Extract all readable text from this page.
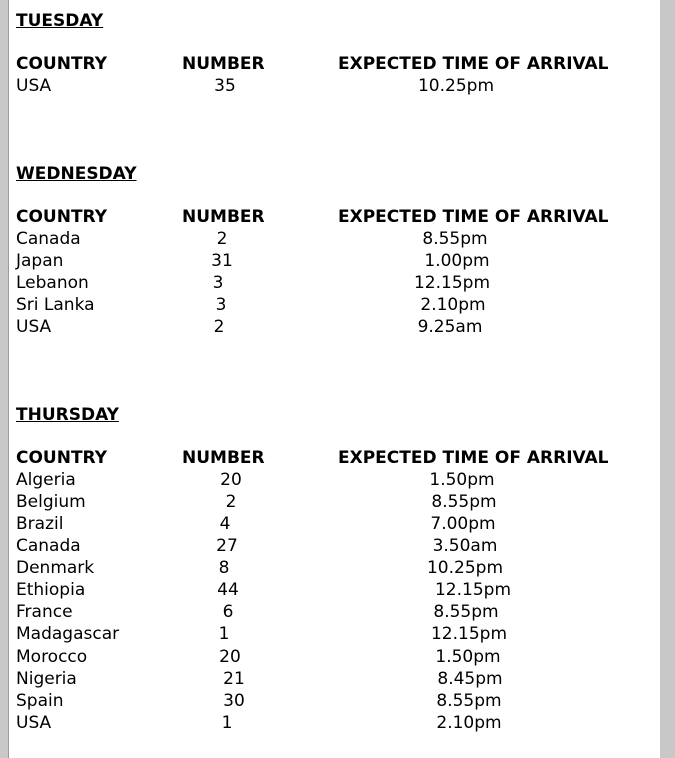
TUESDAY
COUNTRY	NUMBER	EXPECTED TIME OF ARRIVAL
USA	35	10.25pm
WEDNESDAY
COUNTRY	NUMBER	EXPECTED TIME OF ARRIVAL
Canada	2	8.55pm
Japan	31	1.00pm
Lebanon	3	12.15pm
Sri Lanka	3	2.10pm
USA	2	9.25am
THURSDAY
COUNTRY	NUMBER	EXPECTED TIME OF ARRIVAL
Algeria	20	1.50pm
Belgium	2	8.55pm
Brazil	4	7.00pm
Canada	27	3.50am
Denmark	8	10.25pm
Ethiopia	44	12.15pm
France	6	8.55pm
Madagascar	1	12.15pm
Morocco	20	1.50pm
Nigeria	21	8.45pm
Spain	30	8.55pm
USA	1	2.10pm
